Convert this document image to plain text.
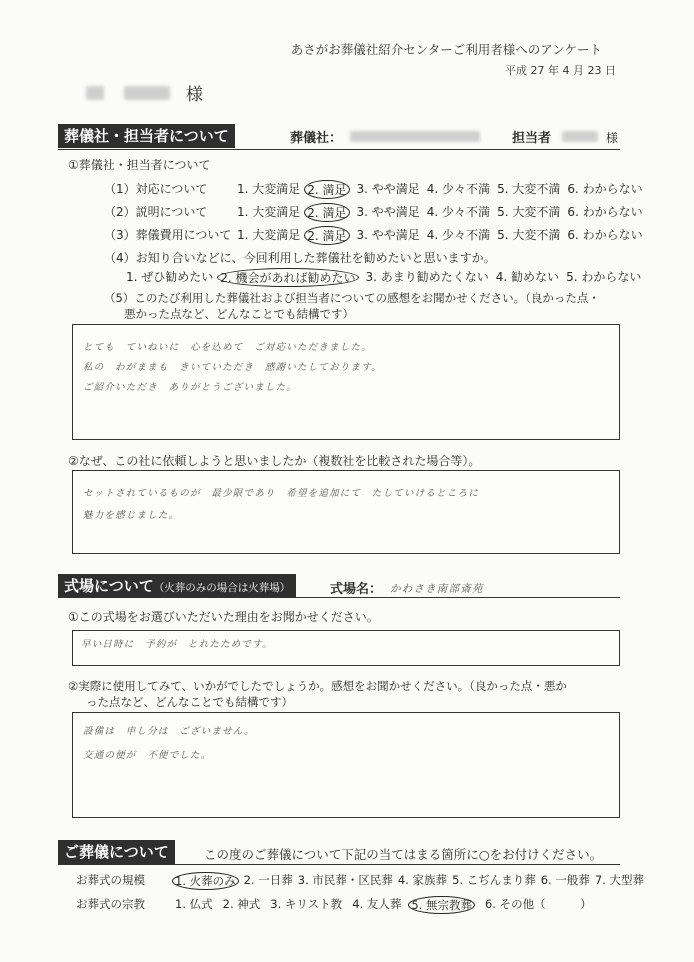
あさがお葬儀社紹介センターご利用者様へのアンケート
平成 27 年 4 月 23 日
様
葬儀社・担当者について	葬儀社：	担当者	様
①葬儀社・担当者について
（1）対応について	1. 大変満足 2. 満足 3. やや満足 4. 少々不満 5. 大変不満 6. わからない
（2）説明について	1. 大変満足 2. 満足 3. やや満足 4. 少々不満 5. 大変不満 6. わからない
（3）葬儀費用について 1. 大変満足 2. 満足 3. やや満足 4. 少々不満 5. 大変不満 6. わからない
（4）お知り合いなどに、今回利用した葬儀社を勧めたいと思いますか。
1. ぜひ勧めたい 2. 機会があれば勧めたい 3. あまり勧めたくない 4. 勧めない 5. わからない
（5）このたび利用した葬儀社および担当者についての感想をお聞かせください。（良かった点・
悪かった点など、どんなことでも結構です）
とても　ていねいに　心を込めて　ご対応いただきました。
私の　わがままも　きいていただき　感謝いたしております。
ご紹介いただき　ありがとうございました。
②なぜ、この社に依頼しようと思いましたか（複数社を比較された場合等）。
セットされているものが　最少限であり　希望を追加にて　たしていけるところに
魅力を感じました。
式場について（火葬のみの場合は火葬場）	式場名： かわさき南部斎苑
①この式場をお選びいただいた理由をお聞かせください。
早い日時に　予約が　とれたためです。
②実際に使用してみて、いかがでしたでしょうか。感想をお聞かせください。（良かった点・悪か
った点など、どんなことでも結構です）
設備は　申し分は　ございません。
交通の便が　不便でした。
ご葬儀について	この度のご葬儀について下記の当てはまる箇所に○をお付けください。
お葬式の規模	1. 火葬のみ 2. 一日葬 3. 市民葬・区民葬 4. 家族葬 5. こぢんまり葬 6. 一般葬 7. 大型葬
お葬式の宗教	1. 仏式 2. 神式 3. キリスト教 4. 友人葬 5. 無宗教葬 6. その他（　　　）
